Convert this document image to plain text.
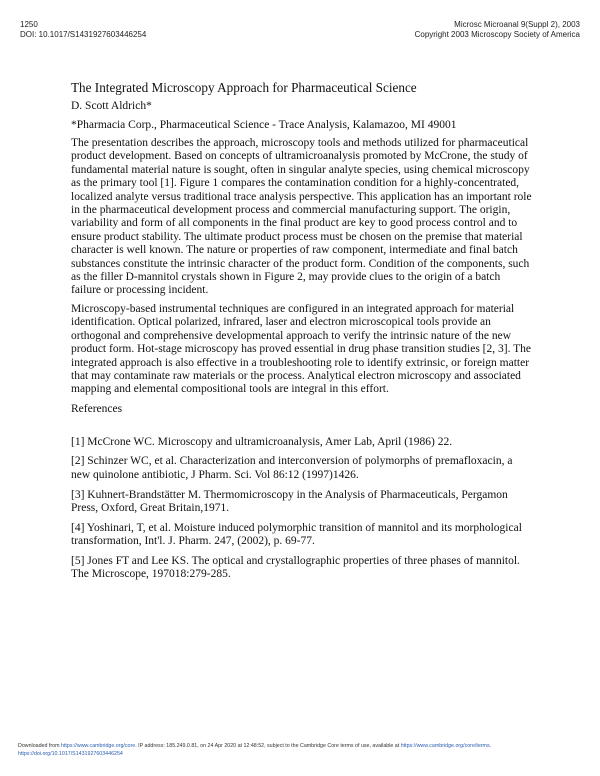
1250
DOI: 10.1017/S1431927603446254
Microsc Microanal 9(Suppl 2), 2003
Copyright 2003 Microscopy Society of America
The Integrated Microscopy Approach for Pharmaceutical Science

D. Scott Aldrich*

*Pharmacia Corp., Pharmaceutical Science - Trace Analysis, Kalamazoo, MI 49001

The presentation describes the approach, microscopy tools and methods utilized for pharmaceutical product development. Based on concepts of ultramicroanalysis promoted by McCrone, the study of fundamental material nature is sought, often in singular analyte species, using chemical microscopy as the primary tool [1]. Figure 1 compares the contamination condition for a highly-concentrated, localized analyte versus traditional trace analysis perspective. This application has an important role in the pharmaceutical development process and commercial manufacturing support. The origin, variability and form of all components in the final product are key to good process control and to ensure product stability. The ultimate product process must be chosen on the premise that material character is well known. The nature or properties of raw component, intermediate and final batch substances constitute the intrinsic character of the product form. Condition of the components, such as the filler D-mannitol crystals shown in Figure 2, may provide clues to the origin of a batch failure or processing incident.

Microscopy-based instrumental techniques are configured in an integrated approach for material identification. Optical polarized, infrared, laser and electron microscopical tools provide an orthogonal and comprehensive developmental approach to verify the intrinsic nature of the new product form. Hot-stage microscopy has proved essential in drug phase transition studies [2, 3]. The integrated approach is also effective in a troubleshooting role to identify extrinsic, or foreign matter that may contaminate raw materials or the process. Analytical electron microscopy and associated mapping and elemental compositional tools are integral in this effort.

References

[1] McCrone WC. Microscopy and ultramicroanalysis, Amer Lab, April (1986) 22.

[2] Schinzer WC, et al. Characterization and interconversion of polymorphs of premafloxacin, a new quinolone antibiotic, J Pharm. Sci. Vol 86:12 (1997)1426.

[3] Kuhnert-Brandstätter M. Thermomicroscopy in the Analysis of Pharmaceuticals, Pergamon Press, Oxford, Great Britain,1971.

[4] Yoshinari, T, et al. Moisture induced polymorphic transition of mannitol and its morphological transformation, Int'l. J. Pharm. 247, (2002), p. 69-77.

[5] Jones FT and Lee KS. The optical and crystallographic properties of three phases of mannitol. The Microscope, 197018:279-285.

Downloaded from https://www.cambridge.org/core. IP address: 185.249.0.81, on 24 Apr 2020 at 12:48:52, subject to the Cambridge Core terms of use, available at https://www.cambridge.org/core/terms.
https://doi.org/10.1017/S1431927603446254
